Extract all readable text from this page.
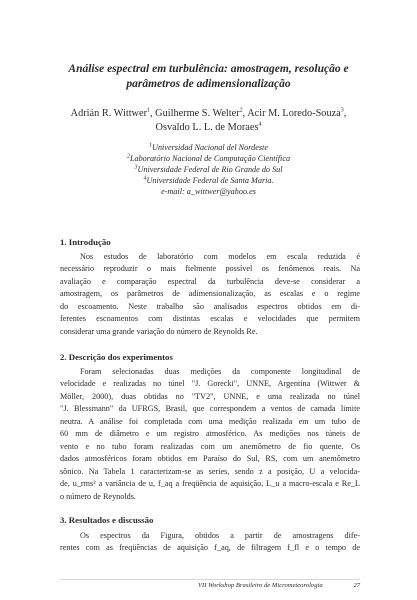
Análise espectral em turbulência: amostragem, resolução e
parâmetros de adimensionalização
Adrián R. Wittwer$^1$, Guilherme S. Welter$^2$, Acir M. Loredo-Souza$^3$,
Osvaldo L. L. de Moraes$^4$
$^1$Universidad Nacional del Nordeste
$^2$Laboratório Nacional de Computação Científica
$^3$Universidade Federal de Rio Grande do Sul
$^4$Universidade Federal de Santa Maria.
e-mail: a_wittwer@yahoo.es
1. Introdução
Nos estudos de laboratório com modelos em escala reduzida é
necessário reproduzir o mais fielmente possível os fenômenos reais. Na
avaliação e comparação espectral da turbulência deve-se considerar a
amostragem, os parâmetros de adimensionalização, as escalas e o regime
do escoamento. Neste trabalho são analisados espectros obtidos em di-
ferentes escoamentos com distintas escalas e velocidades que permitem
considerar uma grande variação do número de Reynolds Re.
2. Descrição dos experimentos
Foram selecionadas duas medições da componente longitudinal de
velocidade e realizadas no túnel "J. Gorecki", UNNE, Argentina (Wittwer &
Möller, 2000), duas obtidas no "TV2", UNNE, e uma realizada no túnel
"J. Blessmann" da UFRGS, Brasil, que correspondem a ventos de camada limite
neutra. A análise foi completada com uma medição realizada em um tubo de
60 mm de diâmetro e um registro atmosférico. As medições nos túneis de
vento e no tubo foram realizadas com um anemômetro de fio quente. Os
dados atmosféricos foram obtidos em Paraíso do Sul, RS, com um anemômetro
sônico. Na Tabela 1 caracterizam-se as series, sendo z a posição, U a velocida-
de, u_rms² a variância de u, f_aq a freqüência de aquisição, L_u a macro-escala e Re_L
o número de Reynolds.
3. Resultados e discussão
Os espectros da Figura, obtidos a partir de amostragens dife-
rentes com as freqüências de aquisição f_aq, de filtragem f_fl e o tempo de
VII Workshop Brasileiro de Micrometeorologia	27
